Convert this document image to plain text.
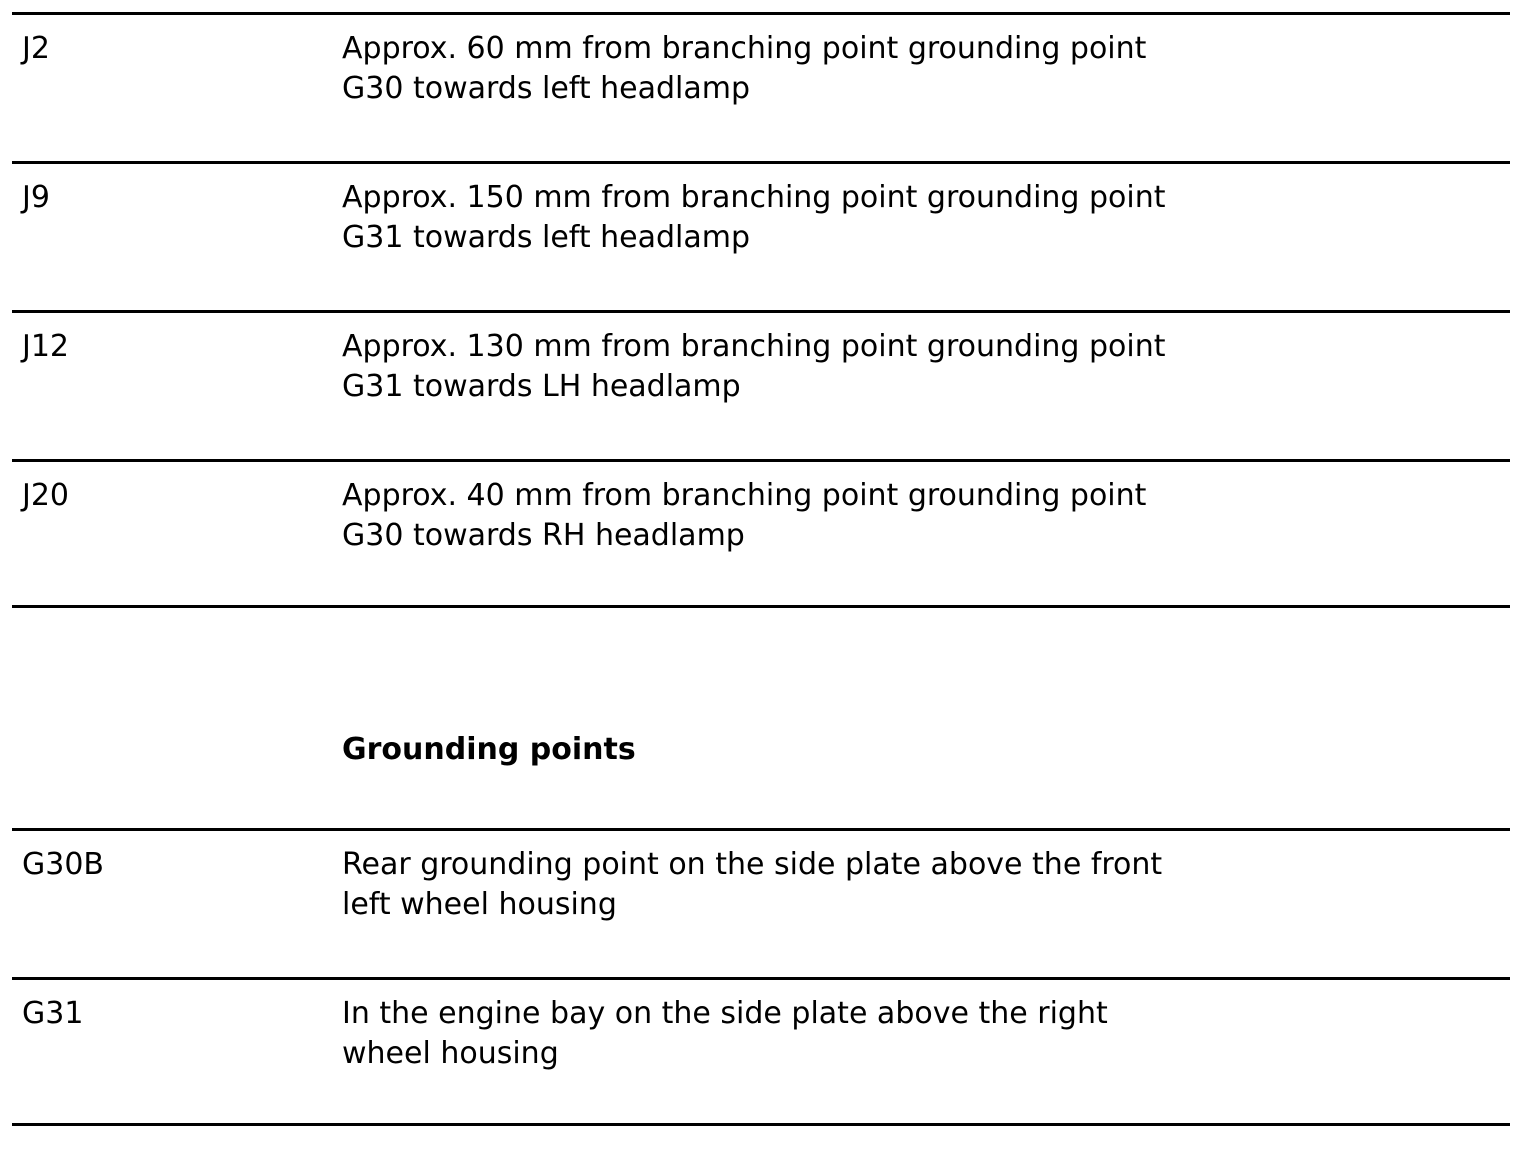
J2	Approx. 60 mm from branching point grounding point
G30 towards left headlamp
J9	Approx. 150 mm from branching point grounding point
G31 towards left headlamp
J12	Approx. 130 mm from branching point grounding point
G31 towards LH headlamp
J20	Approx. 40 mm from branching point grounding point
G30 towards RH headlamp
Grounding points
G30B	Rear grounding point on the side plate above the front
left wheel housing
G31	In the engine bay on the side plate above the right
wheel housing
